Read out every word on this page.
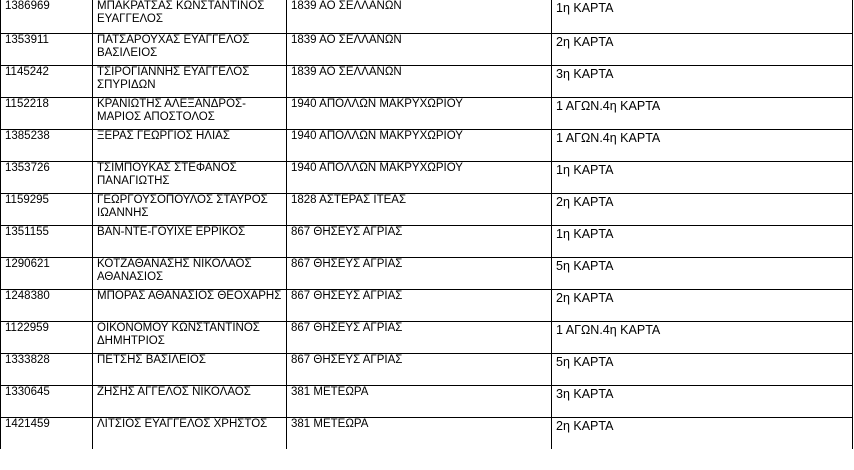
1386969	ΜΠΑΚΡΑΤΣΑΣ ΚΩΝΣΤΑΝΤΙΝΟΣ ΕΥΑΓΓΕΛΟΣ	1839 ΑΟ ΣΕΛΛΑΝΩΝ	1η ΚΑΡΤΑ
1353911	ΠΑΤΣΑΡΟΥΧΑΣ ΕΥΑΓΓΕΛΟΣ ΒΑΣΙΛΕΙΟΣ	1839 ΑΟ ΣΕΛΛΑΝΩΝ	2η ΚΑΡΤΑ
1145242	ΤΣΙΡΟΓΙΑΝΝΗΣ ΕΥΑΓΓΕΛΟΣ ΣΠΥΡΙΔΩΝ	1839 ΑΟ ΣΕΛΛΑΝΩΝ	3η ΚΑΡΤΑ
1152218	ΚΡΑΝΙΩΤΗΣ ΑΛΕΞΑΝΔΡΟΣ-ΜΑΡΙΟΣ ΑΠΟΣΤΟΛΟΣ	1940 ΑΠΟΛΛΩΝ ΜΑΚΡΥΧΩΡΙΟΥ	1 ΑΓΩΝ.4η ΚΑΡΤΑ
1385238	ΞΕΡΑΣ ΓΕΩΡΓΙΟΣ ΗΛΙΑΣ	1940 ΑΠΟΛΛΩΝ ΜΑΚΡΥΧΩΡΙΟΥ	1 ΑΓΩΝ.4η ΚΑΡΤΑ
1353726	ΤΣΙΜΠΟΥΚΑΣ ΣΤΕΦΑΝΟΣ ΠΑΝΑΓΙΩΤΗΣ	1940 ΑΠΟΛΛΩΝ ΜΑΚΡΥΧΩΡΙΟΥ	1η ΚΑΡΤΑ
1159295	ΓΕΩΡΓΟΥΣΟΠΟΥΛΟΣ ΣΤΑΥΡΟΣ ΙΩΑΝΝΗΣ	1828 ΑΣΤΕΡΑΣ ΙΤΕΑΣ	2η ΚΑΡΤΑ
1351155	ΒΑΝ-ΝΤΕ-ΓΟΥΙΧΕ ΕΡΡΙΚΟΣ	867 ΘΗΣΕΥΣ ΑΓΡΙΑΣ	1η ΚΑΡΤΑ
1290621	ΚΟΤΖΑΘΑΝΑΣΗΣ ΝΙΚΟΛΑΟΣ ΑΘΑΝΑΣΙΟΣ	867 ΘΗΣΕΥΣ ΑΓΡΙΑΣ	5η ΚΑΡΤΑ
1248380	ΜΠΟΡΑΣ ΑΘΑΝΑΣΙΟΣ ΘΕΟΧΑΡΗΣ	867 ΘΗΣΕΥΣ ΑΓΡΙΑΣ	2η ΚΑΡΤΑ
1122959	ΟΙΚΟΝΟΜΟΥ ΚΩΝΣΤΑΝΤΙΝΟΣ ΔΗΜΗΤΡΙΟΣ	867 ΘΗΣΕΥΣ ΑΓΡΙΑΣ	1 ΑΓΩΝ.4η ΚΑΡΤΑ
1333828	ΠΕΤΣΗΣ ΒΑΣΙΛΕΙΟΣ	867 ΘΗΣΕΥΣ ΑΓΡΙΑΣ	5η ΚΑΡΤΑ
1330645	ΖΗΣΗΣ ΑΓΓΕΛΟΣ ΝΙΚΟΛΑΟΣ	381 ΜΕΤΕΩΡΑ	3η ΚΑΡΤΑ
1421459	ΛΙΤΣΙΟΣ ΕΥΑΓΓΕΛΟΣ ΧΡΗΣΤΟΣ	381 ΜΕΤΕΩΡΑ	2η ΚΑΡΤΑ
